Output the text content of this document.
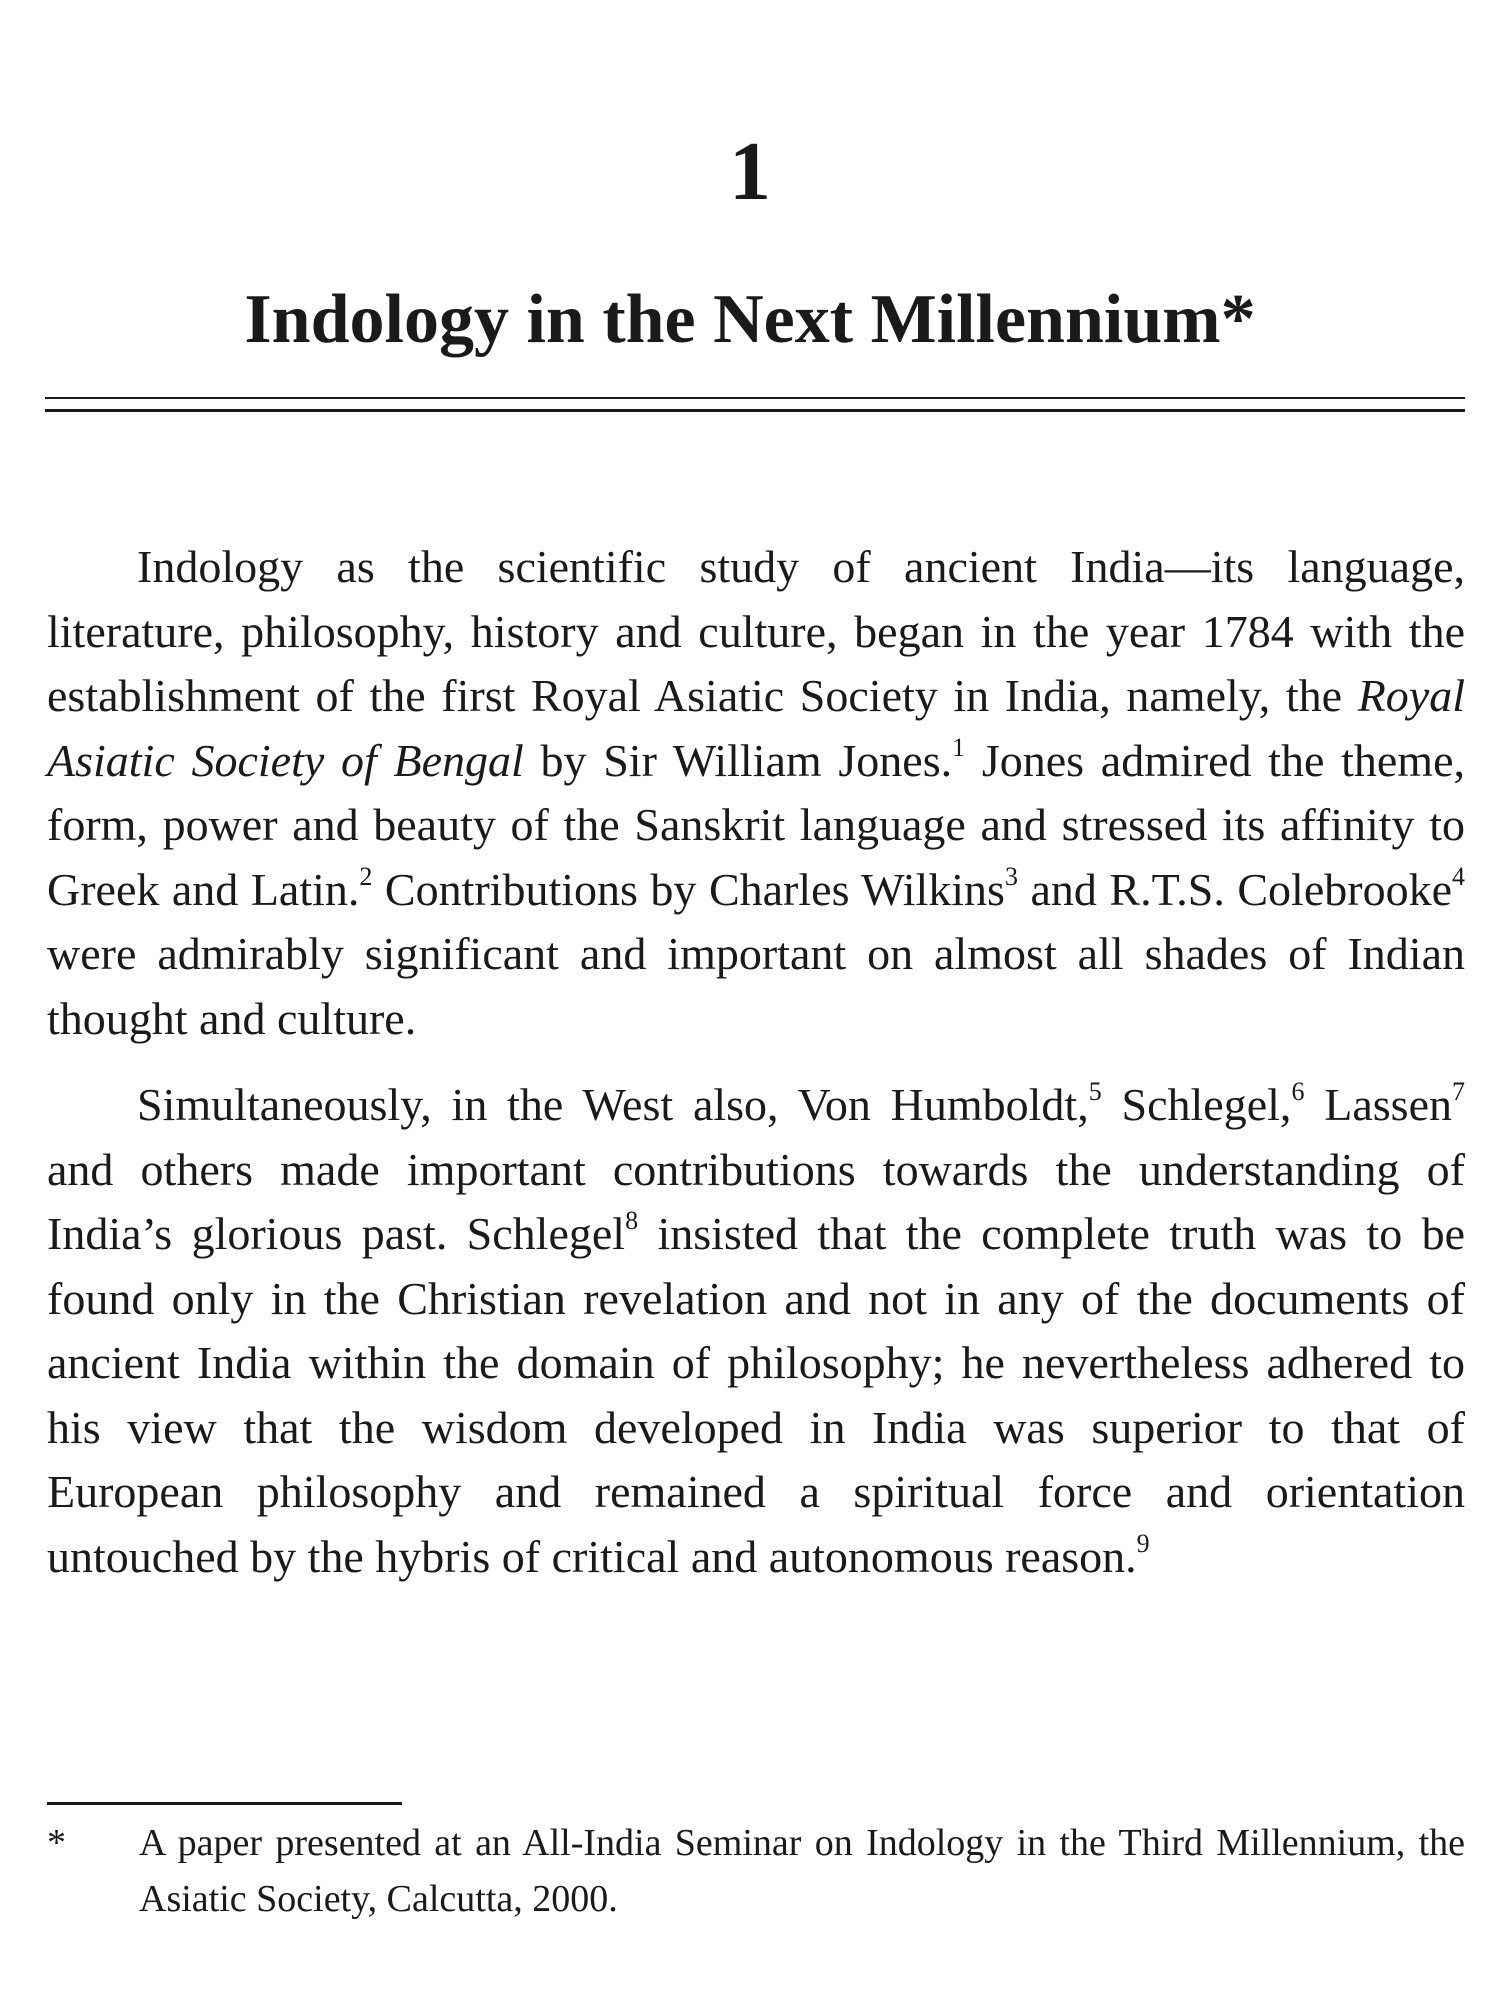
1
Indology in the Next Millennium*

Indology as the scientific study of ancient India—its language, literature, philosophy, history and culture, began in the year 1784 with the establishment of the first Royal Asiatic Society in India, namely, the Royal Asiatic Society of Bengal by Sir William Jones.$^1$ Jones admired the theme, form, power and beauty of the Sanskrit language and stressed its affinity to Greek and Latin.$^2$ Contributions by Charles Wilkins$^3$ and R.T.S. Colebrooke$^4$ were admirably significant and important on almost all shades of Indian thought and culture.

Simultaneously, in the West also, Von Humboldt,$^5$ Schlegel,$^6$ Lassen$^7$ and others made important contributions towards the understanding of India’s glorious past. Schlegel$^8$ insisted that the complete truth was to be found only in the Christian revelation and not in any of the documents of ancient India within the domain of philosophy; he nevertheless adhered to his view that the wisdom developed in India was superior to that of European philosophy and remained a spiritual force and orientation untouched by the hybris of critical and autonomous reason.$^9$

*	A paper presented at an All-India Seminar on Indology in the Third Millennium, the Asiatic Society, Calcutta, 2000.
